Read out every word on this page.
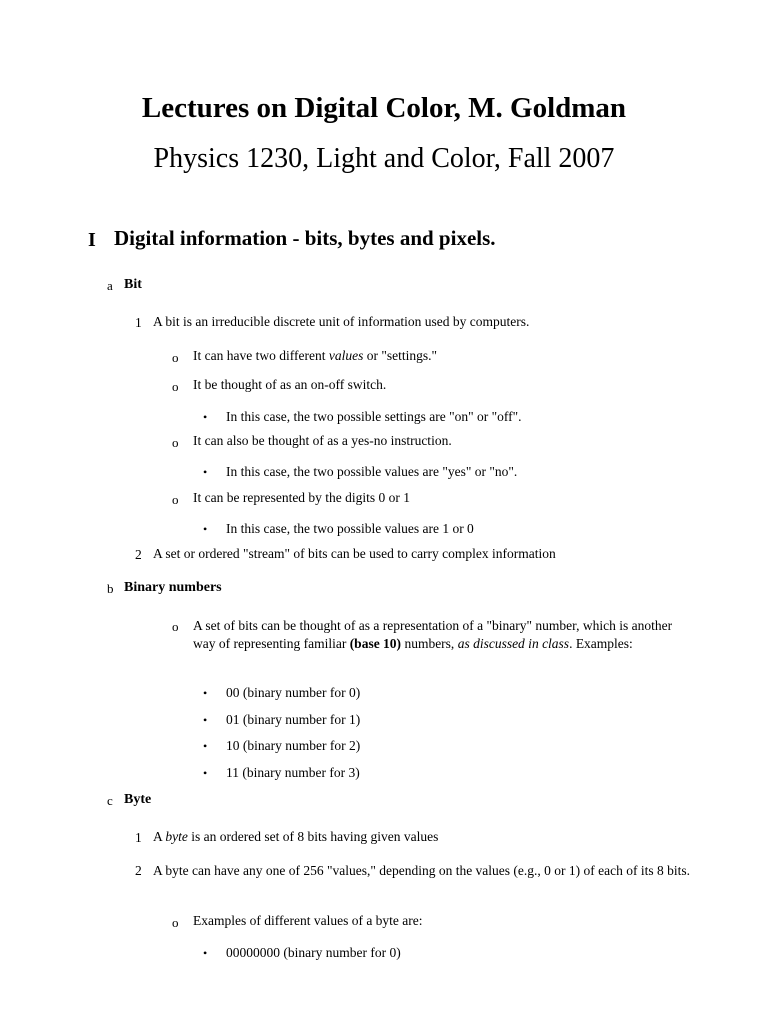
Lectures on Digital Color, M. Goldman
Physics 1230, Light and Color, Fall 2007
I Digital information - bits, bytes and pixels.
a Bit
1 A bit is an irreducible discrete unit of information used by computers.
o It can have two different values or "settings."
o It be thought of as an on-off switch.
• In this case, the two possible settings are "on" or "off".
o It can also be thought of as a yes-no instruction.
• In this case, the two possible values are "yes" or "no".
o It can be represented by the digits 0 or 1
• In this case, the two possible values are 1 or 0
2 A set or ordered "stream" of bits can be used to carry complex information
b Binary numbers
o A set of bits can be thought of as a representation of a "binary" number, which is another way of representing familiar (base 10) numbers, as discussed in class. Examples:
• 00 (binary number for 0)
• 01 (binary number for 1)
• 10 (binary number for 2)
• 11 (binary number for 3)
c Byte
1 A byte is an ordered set of 8 bits having given values
2 A byte can have any one of 256 "values," depending on the values (e.g., 0 or 1) of each of its 8 bits.
o Examples of different values of a byte are:
• 00000000 (binary number for 0)
